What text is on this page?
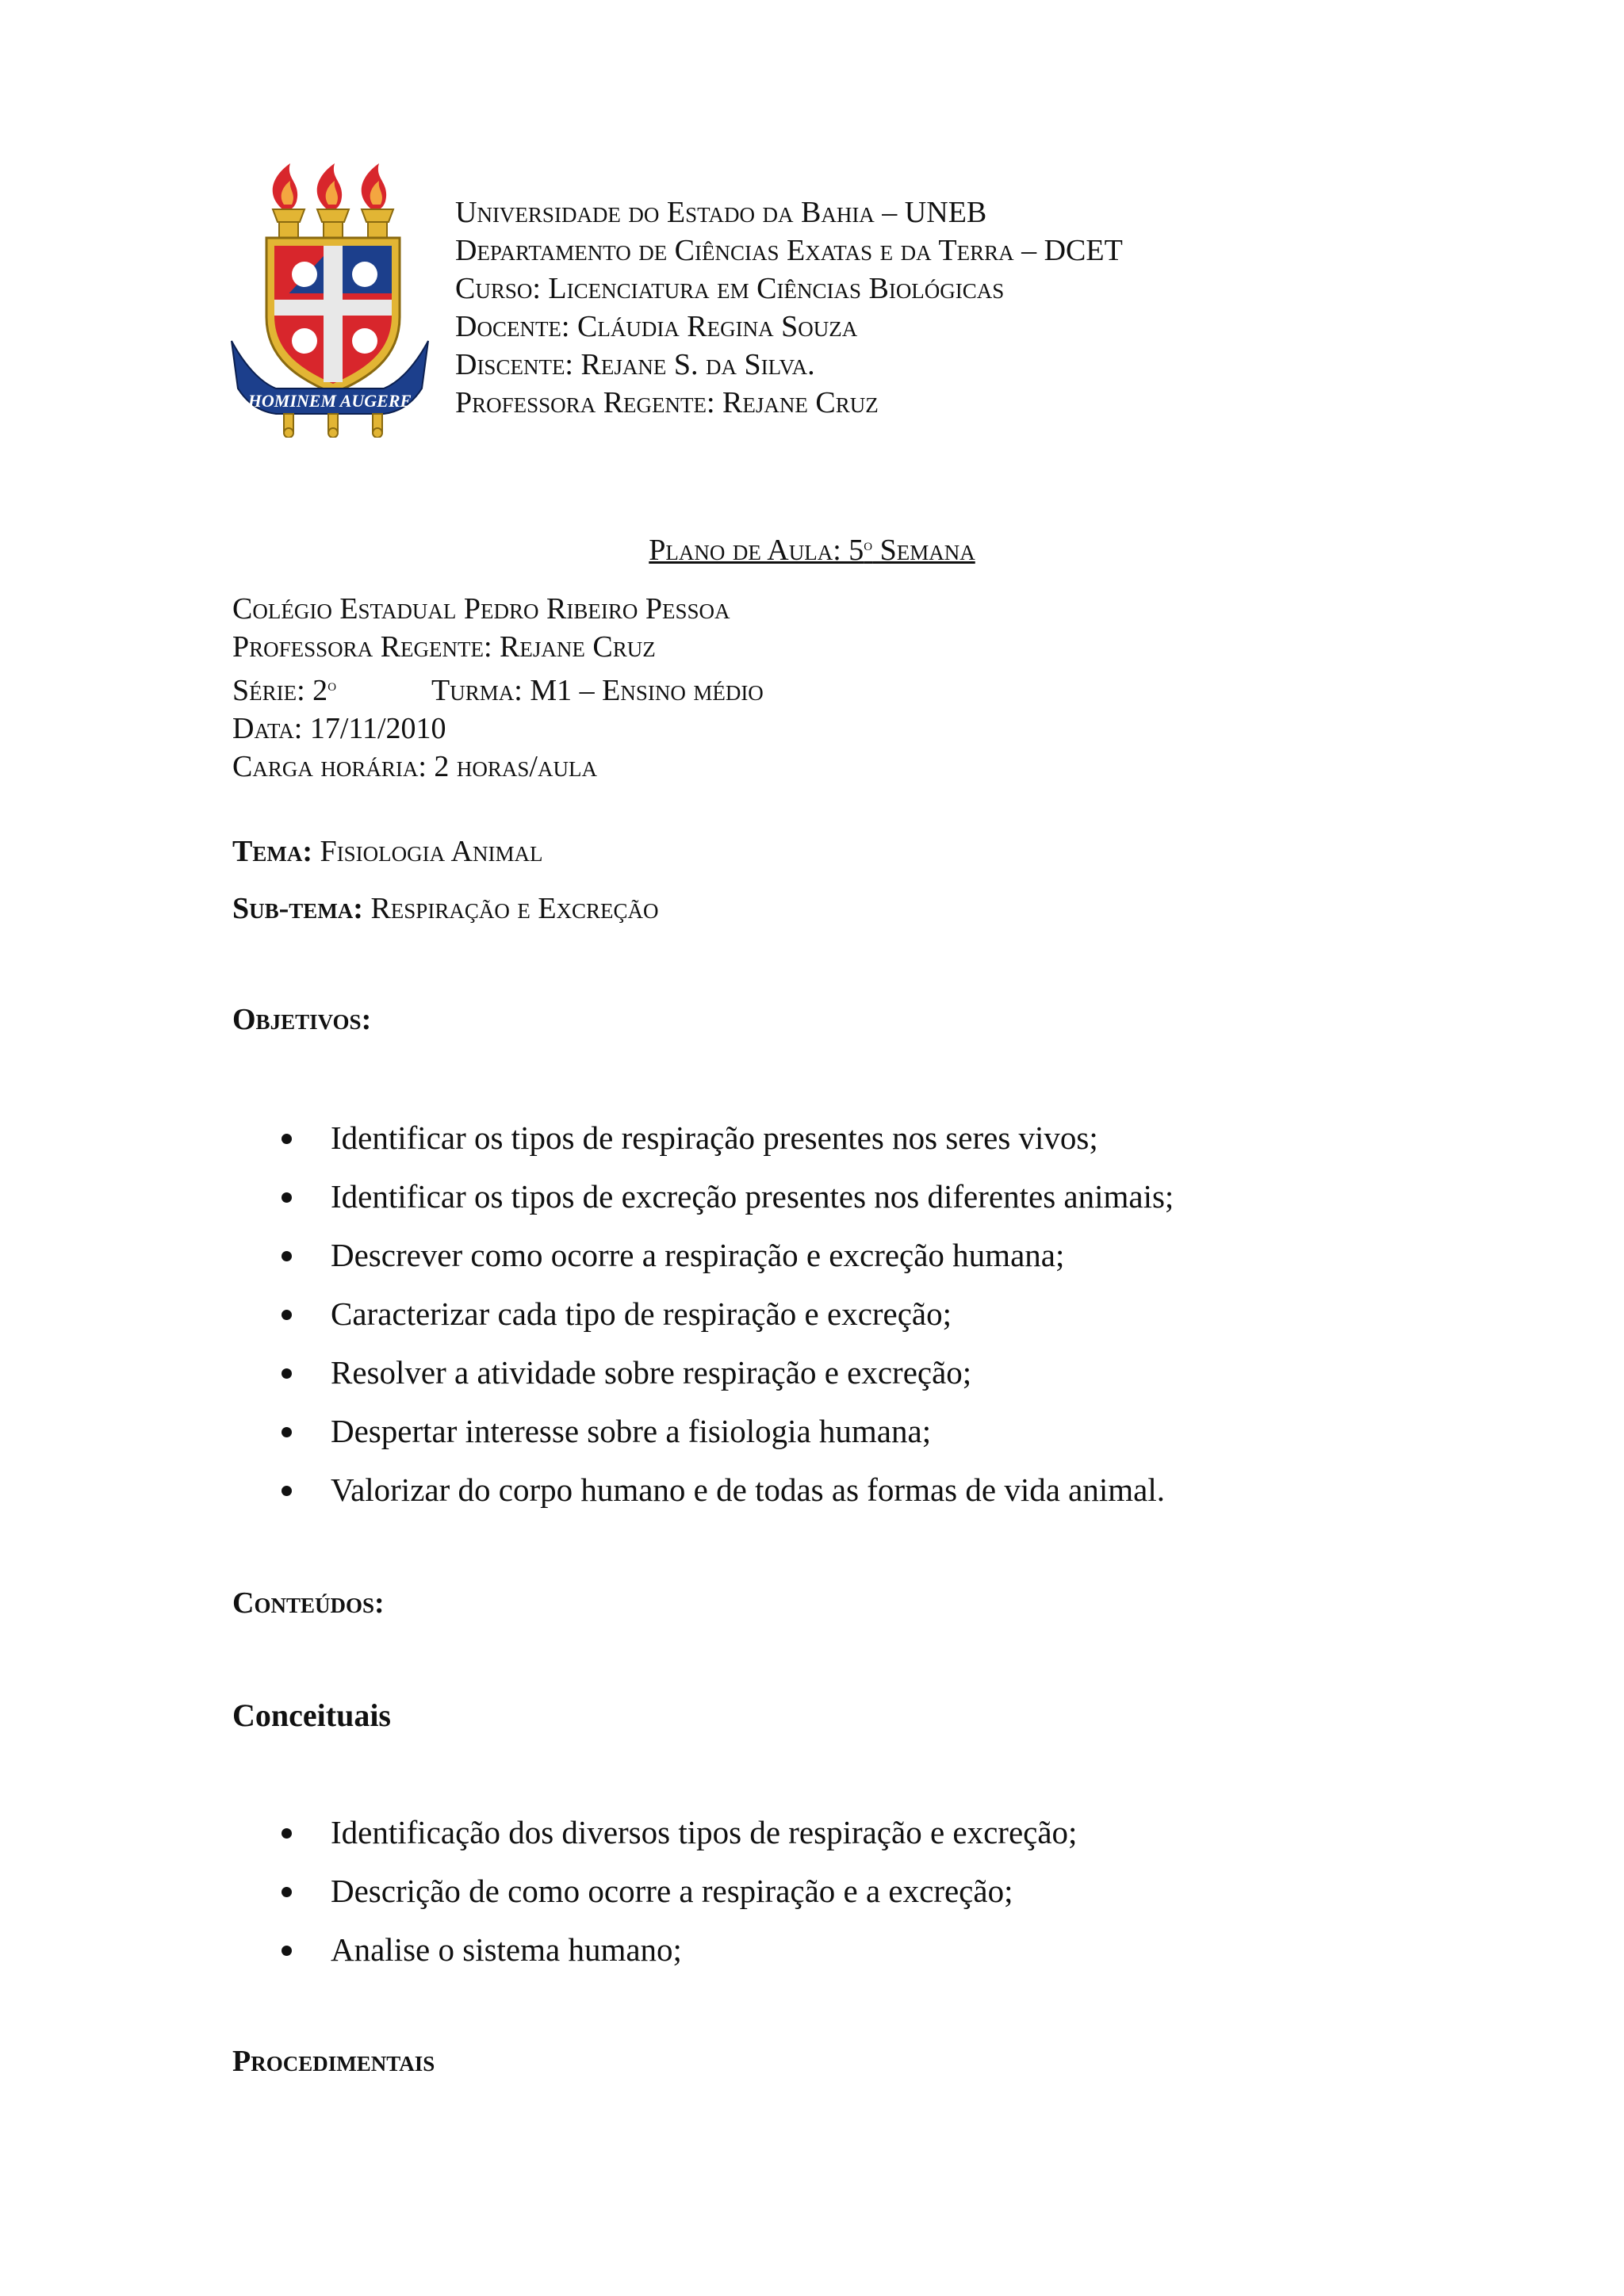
HOMINEM AUGERE
Universidade do Estado da Bahia – UNEB
Departamento de Ciências Exatas e da Terra – DCET
Curso: Licenciatura em Ciências Biológicas
Docente: Cláudia Regina Souza
Discente: Rejane S. da Silva.
Professora Regente: Rejane Cruz
Plano de Aula: 5$^o$ Semana
Colégio Estadual Pedro Ribeiro Pessoa
Professora Regente: Rejane Cruz
Série: 2$^o$	Turma: M1 – Ensino médio
Data: 17/11/2010
Carga horária: 2 horas/aula
Tema: Fisiologia Animal
Sub-tema: Respiração e Excreção
Objetivos:
Identificar os tipos de respiração presentes nos seres vivos;
Identificar os tipos de excreção presentes nos diferentes animais;
Descrever como ocorre a respiração e excreção humana;
Caracterizar cada tipo de respiração e excreção;
Resolver a atividade sobre respiração e excreção;
Despertar interesse sobre a fisiologia humana;
Valorizar do corpo humano e de todas as formas de vida animal.
Conteúdos:
Conceituais
Identificação dos diversos tipos de respiração e excreção;
Descrição de como ocorre a respiração e a excreção;
Analise o sistema humano;
Procedimentais
